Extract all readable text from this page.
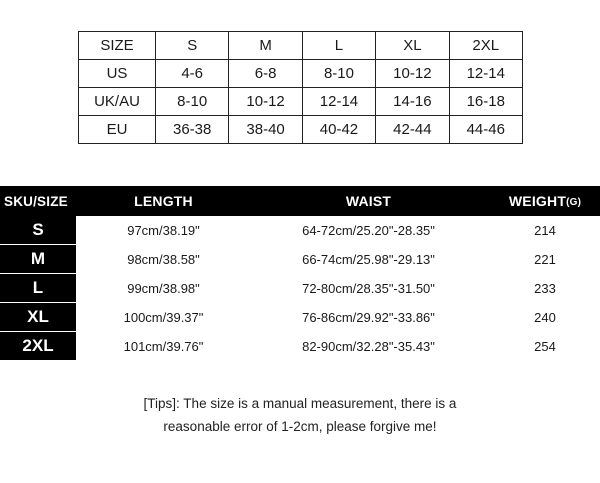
SIZE	S	M	L	XL	2XL
US	4-6	6-8	8-10	10-12	12-14
UK/AU	8-10	10-12	12-14	14-16	16-18
EU	36-38	38-40	40-42	42-44	44-46
SKU/SIZE	LENGTH	WAIST	WEIGHT(G)
S	97cm/38.19"	64-72cm/25.20"-28.35"	214
M	98cm/38.58"	66-74cm/25.98"-29.13"	221
L	99cm/38.98"	72-80cm/28.35"-31.50"	233
XL	100cm/39.37"	76-86cm/29.92"-33.86"	240
2XL	101cm/39.76"	82-90cm/32.28"-35.43"	254
[Tips]: The size is a manual measurement, there is a
reasonable error of 1-2cm, please forgive me!
